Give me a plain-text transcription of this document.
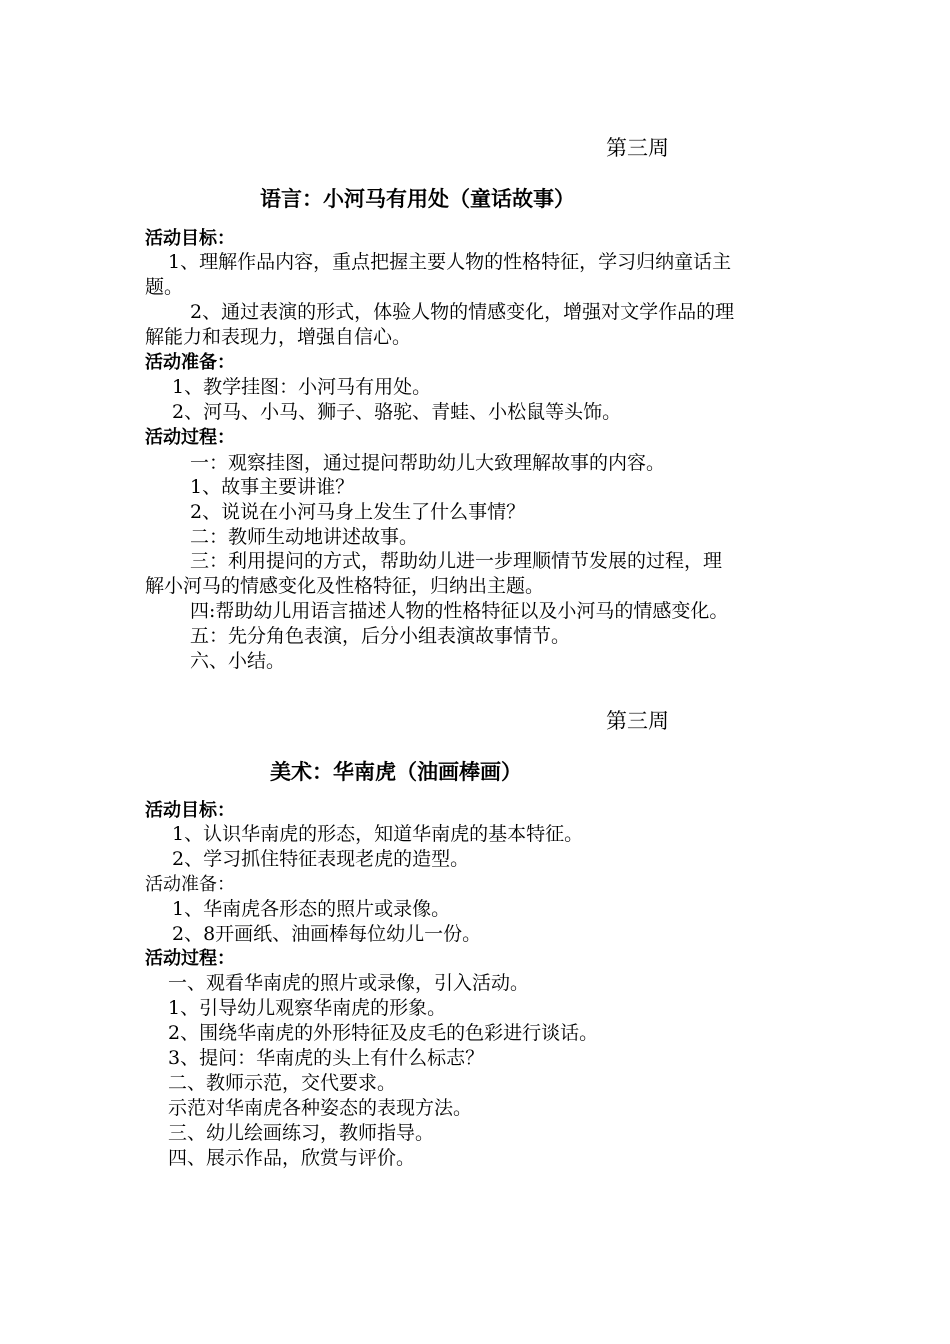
第三周
语言：小河马有用处（童话故事）
活动目标：
1、理解作品内容，重点把握主要人物的性格特征，学习归纳童话主
题。
2、通过表演的形式，体验人物的情感变化，增强对文学作品的理
解能力和表现力，增强自信心。
活动准备：
1、教学挂图：小河马有用处。
2、河马、小马、狮子、骆驼、青蛙、小松鼠等头饰。
活动过程：
一：观察挂图，通过提问帮助幼儿大致理解故事的内容。
1、故事主要讲谁？
2、说说在小河马身上发生了什么事情？
二：教师生动地讲述故事。
三：利用提问的方式，帮助幼儿进一步理顺情节发展的过程，理
解小河马的情感变化及性格特征，归纳出主题。
四:帮助幼儿用语言描述人物的性格特征以及小河马的情感变化。
五：先分角色表演，后分小组表演故事情节。
六、小结。
第三周
美术：华南虎（油画棒画）
活动目标：
1、认识华南虎的形态，知道华南虎的基本特征。
2、学习抓住特征表现老虎的造型。
活动准备：
1、华南虎各形态的照片或录像。
2、8开画纸、油画棒每位幼儿一份。
活动过程：
一、观看华南虎的照片或录像，引入活动。
1、引导幼儿观察华南虎的形象。
2、围绕华南虎的外形特征及皮毛的色彩进行谈话。
3、提问：华南虎的头上有什么标志？
二、教师示范，交代要求。
示范对华南虎各种姿态的表现方法。
三、幼儿绘画练习，教师指导。
四、展示作品，欣赏与评价。
